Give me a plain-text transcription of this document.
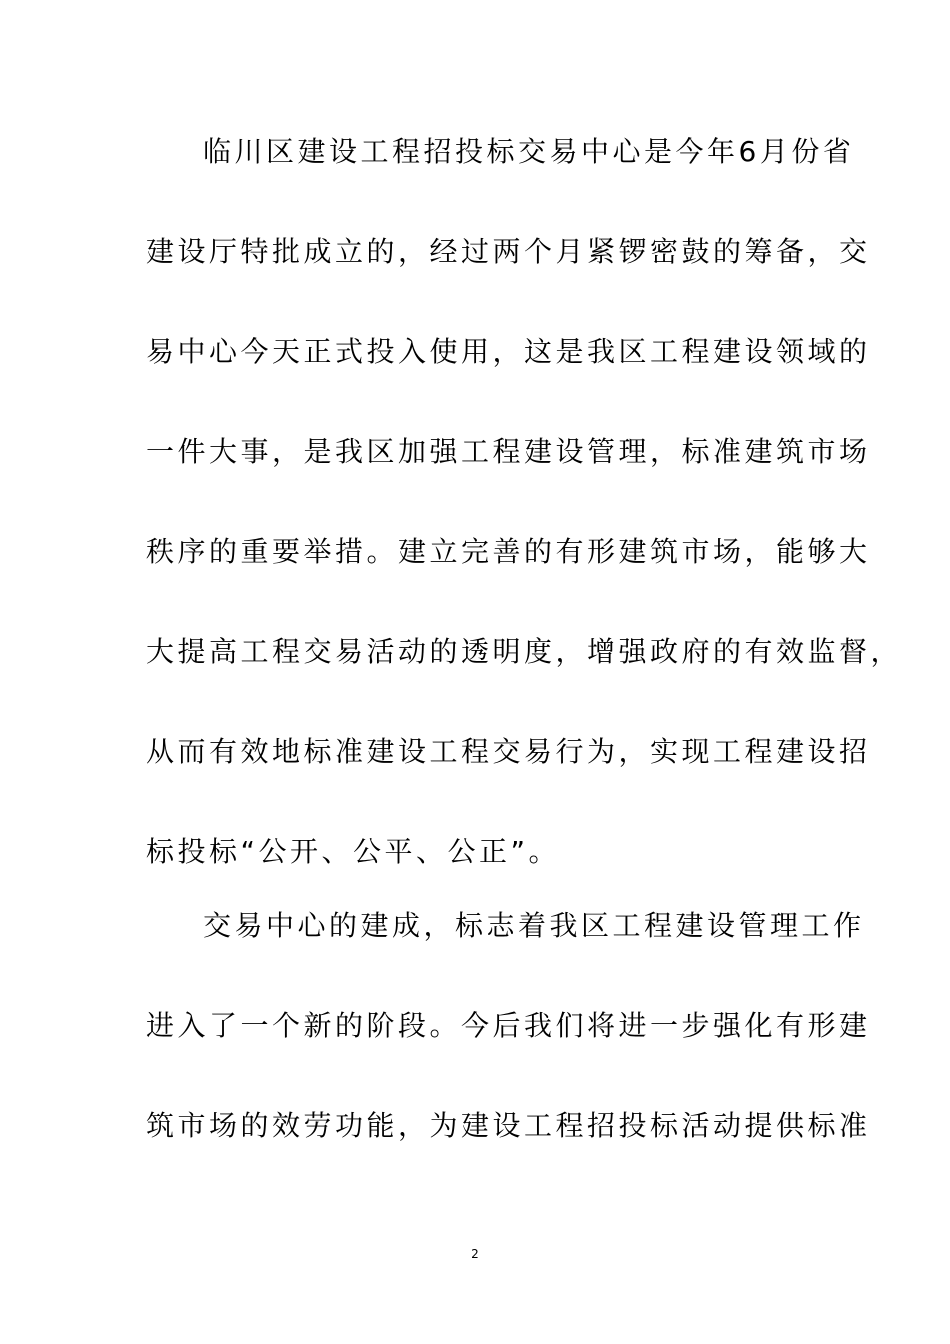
临川区建设工程招投标交易中心是今年6月份省
建设厅特批成立的，经过两个月紧锣密鼓的筹备，交
易中心今天正式投入使用，这是我区工程建设领域的
一件大事，是我区加强工程建设管理，标准建筑市场
秩序的重要举措。建立完善的有形建筑市场，能够大
大提高工程交易活动的透明度，增强政府的有效监督，
从而有效地标准建设工程交易行为，实现工程建设招
标投标“公开、公平、公正”。
交易中心的建成，标志着我区工程建设管理工作
进入了一个新的阶段。今后我们将进一步强化有形建
筑市场的效劳功能，为建设工程招投标活动提供标准
2
